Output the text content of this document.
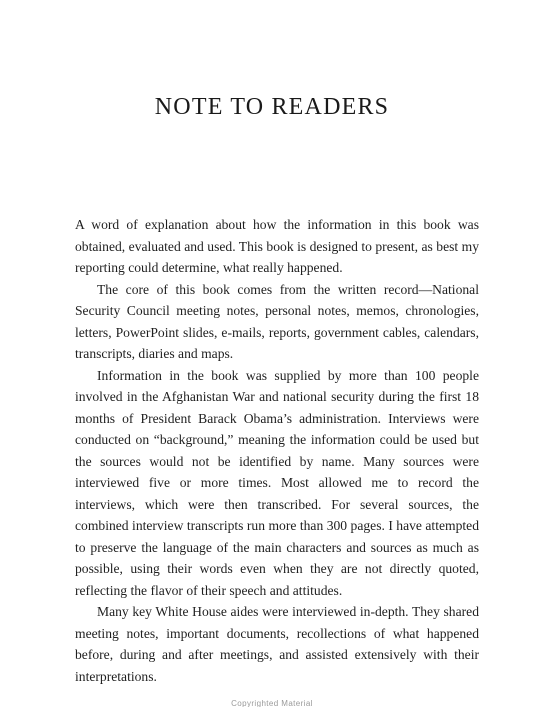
NOTE TO READERS

A word of explanation about how the information in this book was obtained, evaluated and used. This book is designed to present, as best my reporting could determine, what really happened.

The core of this book comes from the written record—National Security Council meeting notes, personal notes, memos, chronologies, letters, PowerPoint slides, e-mails, reports, government cables, calendars, transcripts, diaries and maps.

Information in the book was supplied by more than 100 people involved in the Afghanistan War and national security during the first 18 months of President Barack Obama’s administration. Interviews were conducted on “background,” meaning the information could be used but the sources would not be identified by name. Many sources were interviewed five or more times. Most allowed me to record the interviews, which were then transcribed. For several sources, the combined interview transcripts run more than 300 pages. I have attempted to preserve the language of the main characters and sources as much as possible, using their words even when they are not directly quoted, reflecting the flavor of their speech and attitudes.

Many key White House aides were interviewed in-depth. They shared meeting notes, important documents, recollections of what happened before, during and after meetings, and assisted extensively with their interpretations.

Copyrighted Material
